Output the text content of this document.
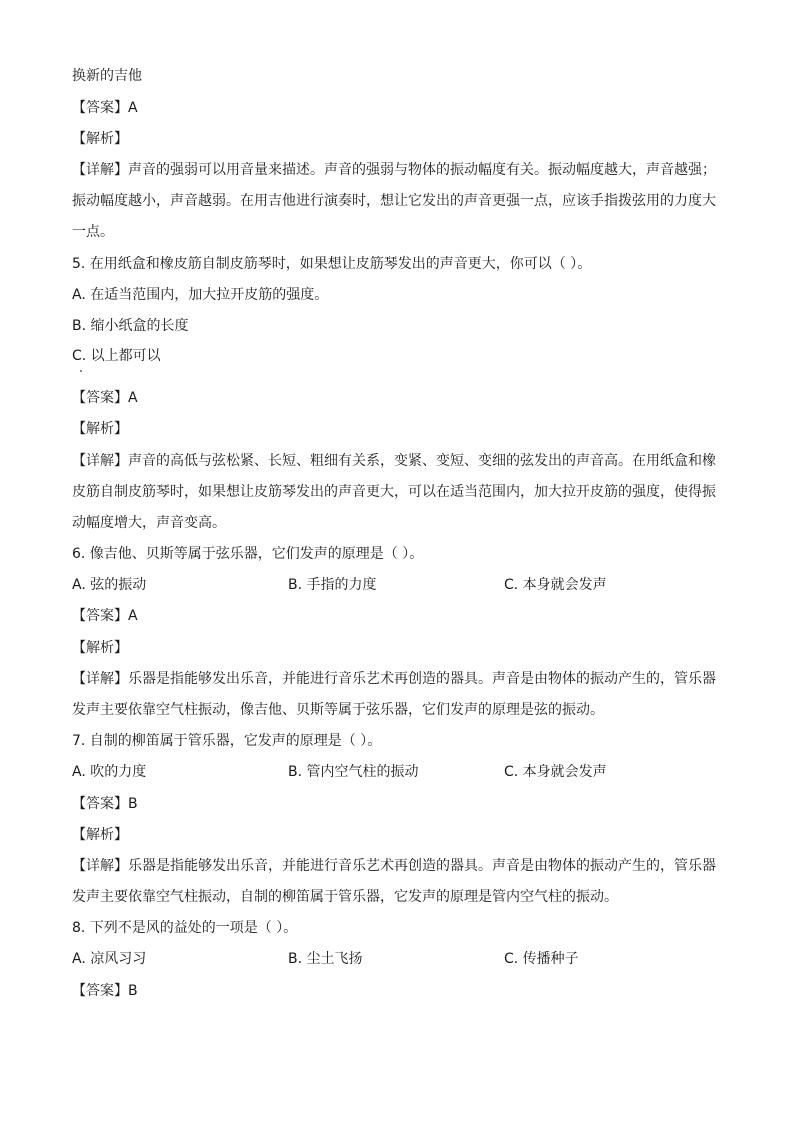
换新的吉他
【答案】A
【解析】
【详解】声音的强弱可以用音量来描述。声音的强弱与物体的振动幅度有关。振动幅度越大，声音越强；
振动幅度越小，声音越弱。在用吉他进行演奏时，想让它发出的声音更强一点，应该手指拨弦用的力度大
一点。
5. 在用纸盒和橡皮筋自制皮筋琴时，如果想让皮筋琴发出的声音更大，你可以（ ）。
A. 在适当范围内，加大拉开皮筋的强度。
B. 缩小纸盒的长度
C. 以上都可以
【答案】A
【解析】
【详解】声音的高低与弦松紧、长短、粗细有关系，变紧、变短、变细的弦发出的声音高。在用纸盒和橡
皮筋自制皮筋琴时，如果想让皮筋琴发出的声音更大，可以在适当范围内，加大拉开皮筋的强度，使得振
动幅度增大，声音变高。
6. 像吉他、贝斯等属于弦乐器，它们发声的原理是（ ）。
A. 弦的振动	B. 手指的力度	C. 本身就会发声
【答案】A
【解析】
【详解】乐器是指能够发出乐音，并能进行音乐艺术再创造的器具。声音是由物体的振动产生的，管乐器
发声主要依靠空气柱振动，像吉他、贝斯等属于弦乐器，它们发声的原理是弦的振动。
7. 自制的柳笛属于管乐器，它发声的原理是（ ）。
A. 吹的力度	B. 管内空气柱的振动	C. 本身就会发声
【答案】B
【解析】
【详解】乐器是指能够发出乐音，并能进行音乐艺术再创造的器具。声音是由物体的振动产生的，管乐器
发声主要依靠空气柱振动，自制的柳笛属于管乐器，它发声的原理是管内空气柱的振动。
8. 下列不是风的益处的一项是（ ）。
A. 凉风习习	B. 尘土飞扬	C. 传播种子
【答案】B
